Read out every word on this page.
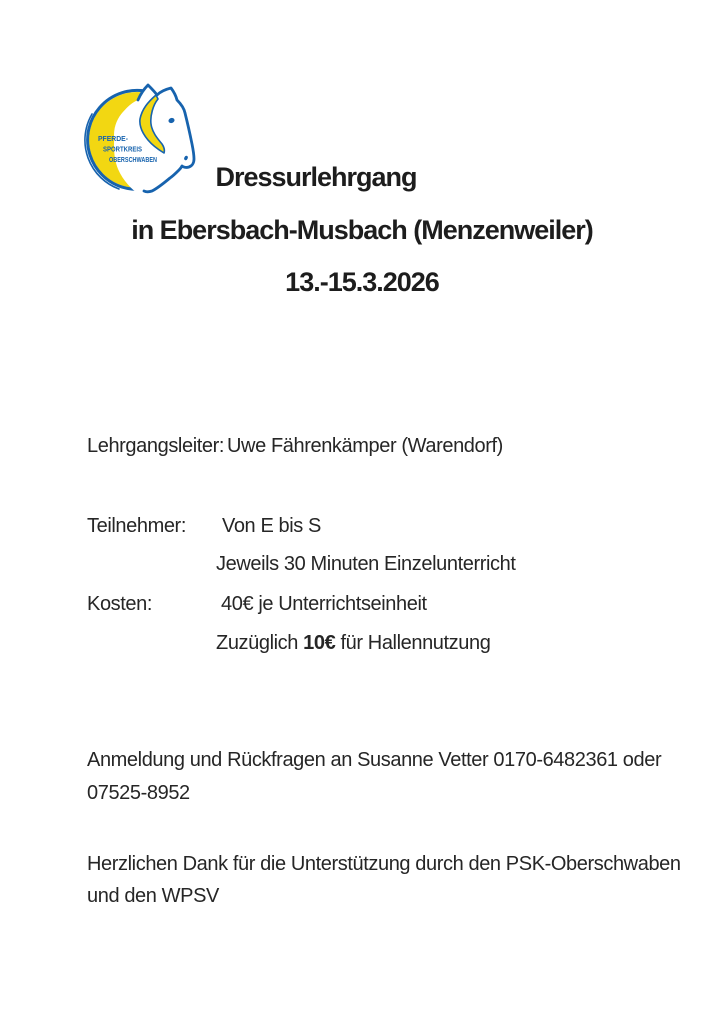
PFERDE-
SPORTKREIS
OBERSCHWABEN
Dressurlehrgang
in Ebersbach-Musbach (Menzenweiler)
13.-15.3.2026
Lehrgangsleiter: Uwe Fährenkämper (Warendorf)
Teilnehmer: Von E bis S
Jeweils 30 Minuten Einzelunterricht
Kosten:	40€ je Unterrichtseinheit
Zuzüglich 10€ für Hallennutzung
Anmeldung und Rückfragen an Susanne Vetter 0170-6482361 oder
07525-8952
Herzlichen Dank für die Unterstützung durch den PSK-Oberschwaben
und den WPSV
